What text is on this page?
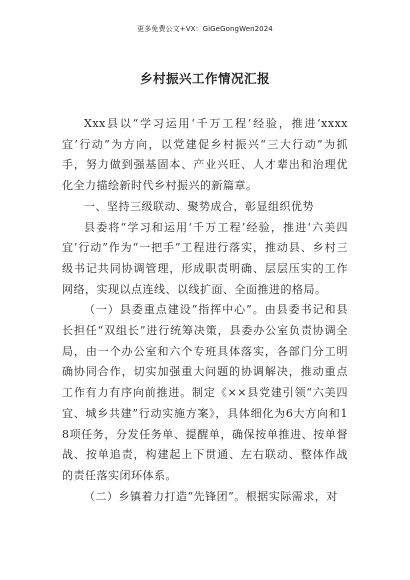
更多免费公文+VX：GiGeGongWen2024
乡村振兴工作情况汇报

Xxx县以“学习运用‘千万工程’经验，推进‘xxxx宜’行动”为方向，以党建促乡村振兴“三大行动”为抓手，努力做到强基固本、产业兴旺、人才辈出和治理优化全力描绘新时代乡村振兴的新篇章。

一、坚持三级联动、聚势成合，彰显组织优势

县委将“学习和运用‘千万工程’经验，推进‘六美四宜’行动”作为“一把手”工程进行落实，推动县、乡村三级书记共同协调管理，形成职责明确、层层压实的工作网络，实现以点连线、以线扩面、全面推进的格局。

（一）县委重点建设“指挥中心”。由县委书记和县长担任“双组长”进行统筹决策，县委办公室负责协调全局，由一个办公室和六个专班具体落实，各部门分工明确协同合作，切实加强重大问题的协调解决，推动重点工作有力有序向前推进。制定《××县党建引领“六美四宜、城乡共建”行动实施方案》，具体细化为6大方向和18项任务，分发任务单、提醒单，确保按单推进、按单督战、按单追责，构建起上下贯通、左右联动、整体作战的责任落实闭环体系。

（二）乡镇着力打造“先锋团”。根据实际需求，对
